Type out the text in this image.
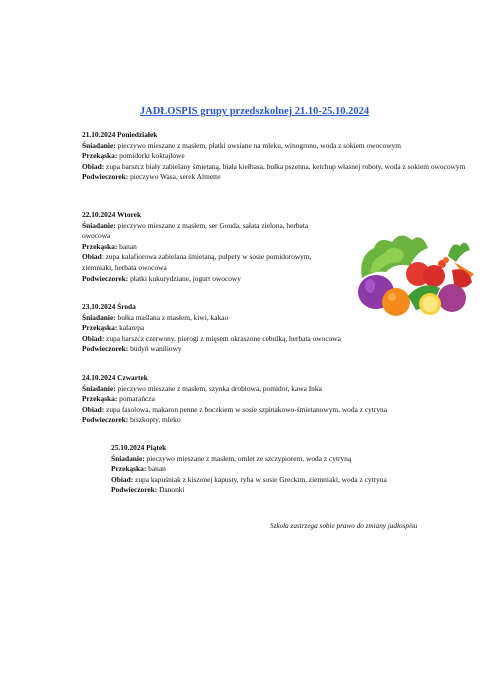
JADŁOSPIS grupy przedszkolnej 21.10-25.10.2024
21.10.2024 Poniedziałek
Śniadanie: pieczywo mieszane z masłem, płatki owsiane na mleku, winogrono, woda z sokiem owocowym
Przekąska: pomidorki koktajlowe
Obiad: zupa barszcz biały zabielany śmietaną, biała kiełbasa, bułka pszenna, ketchup własnej roboty, woda z sokiem owocowym
Podwieczorek: pieczywo Wasa, serek Almette
22.10.2024 Wtorek
Śniadanie: pieczywo mieszane z masłem, ser Gouda, sałata zielona, herbata owocowa
Przekąska: banan
Obiad: zupa kalafiorowa zabielana śmietaną, pulpety w sosie pomidorowym, ziemniaki, herbata owocowa
Podwieczorek: płatki kukurydziane, jogurt owocowy
23.10.2024 Środa
Śniadanie: bułka maślana z masłem, kiwi, kakao
Przekąska: kalarepa
Obiad: zupa barszcz czerwony, pierogi z mięsem okraszone cebulką, herbata owocowa
Podwieczorek: budyń waniliowy
24.10.2024 Czwartek
Śniadanie: pieczywo mieszane z masłem, szynka drobiowa, pomidor, kawa Inka
Przekąska: pomarańcza
Obiad: zupa fasolowa, makaron penne z boczkiem w sosie szpinakowo-śmietanowym, woda z cytryna
Podwieczorek: biszkopty, mleko
25.10.2024 Piątek
Śniadanie: pieczywo mieszane z masłem, omlet ze szczypiorem, woda z cytryną
Przekąska: banan
Obiad: zupa kapuśniak z kiszonej kapusty, ryba w sosie Greckim, ziemniaki, woda z cytryna
Podwieczorek: Danonki
Szkoła zastrzega sobie prawo do zmiany jadłospisu
